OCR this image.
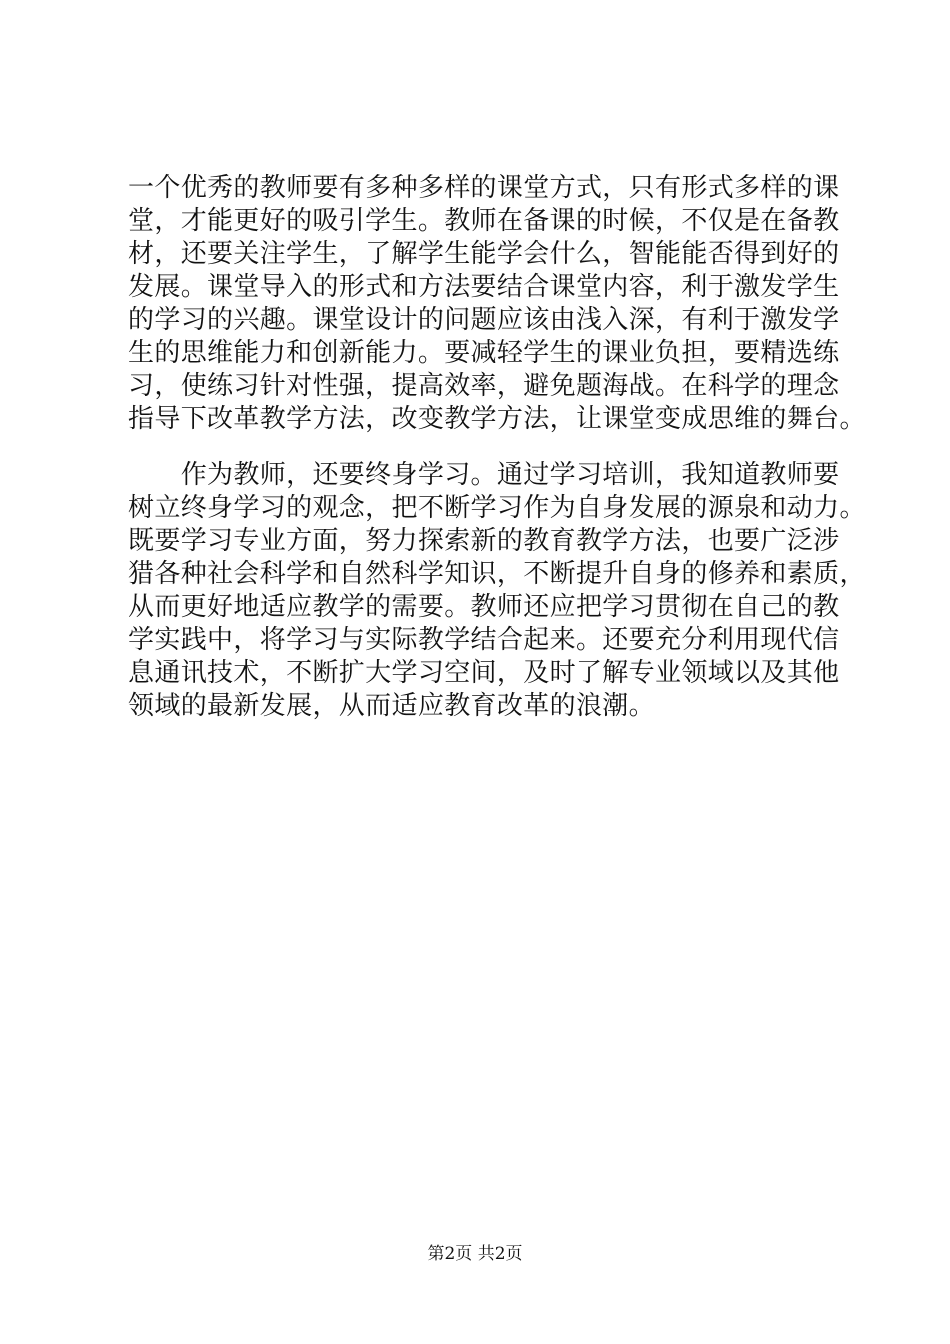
一个优秀的教师要有多种多样的课堂方式，只有形式多样的课
堂，才能更好的吸引学生。教师在备课的时候，不仅是在备教
材，还要关注学生，了解学生能学会什么，智能能否得到好的
发展。课堂导入的形式和方法要结合课堂内容，利于激发学生
的学习的兴趣。课堂设计的问题应该由浅入深，有利于激发学
生的思维能力和创新能力。要减轻学生的课业负担，要精选练
习，使练习针对性强，提高效率，避免题海战。在科学的理念
指导下改革教学方法，改变教学方法，让课堂变成思维的舞台。
　　作为教师，还要终身学习。通过学习培训，我知道教师要
树立终身学习的观念，把不断学习作为自身发展的源泉和动力。
既要学习专业方面，努力探索新的教育教学方法，也要广泛涉
猎各种社会科学和自然科学知识，不断提升自身的修养和素质，
从而更好地适应教学的需要。教师还应把学习贯彻在自己的教
学实践中，将学习与实际教学结合起来。还要充分利用现代信
息通讯技术，不断扩大学习空间，及时了解专业领域以及其他
领域的最新发展，从而适应教育改革的浪潮。
第2页 共2页
